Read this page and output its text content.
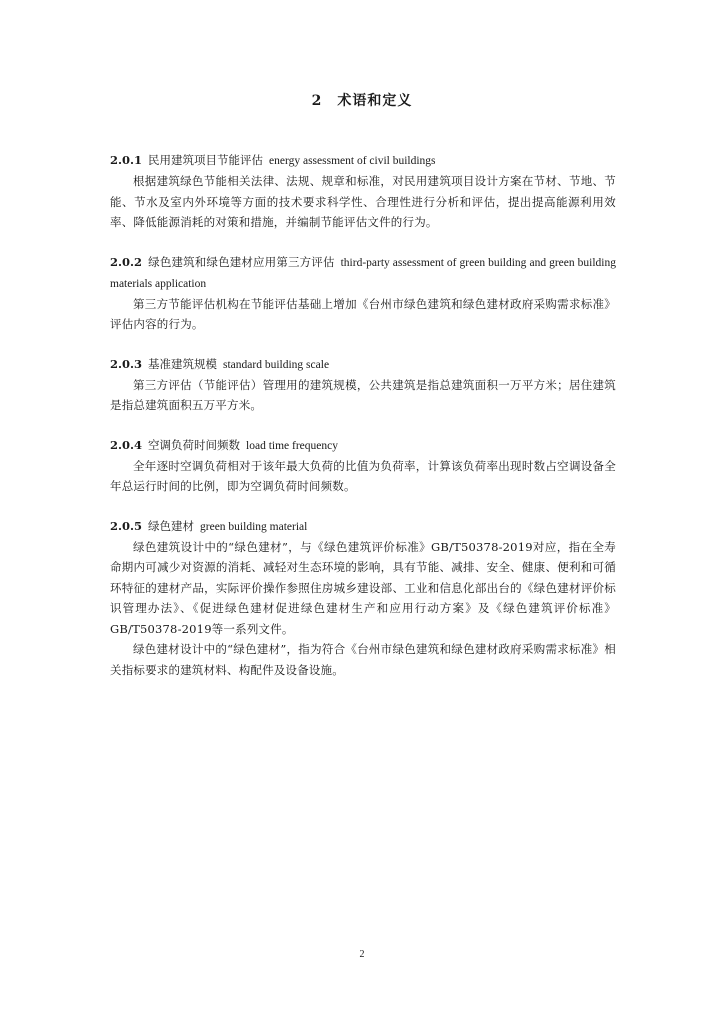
2　术语和定义

2.0.1 民用建筑项目节能评估 energy assessment of civil buildings

根据建筑绿色节能相关法律、法规、规章和标准，对民用建筑项目设计方案在节材、节地、节能、节水及室内外环境等方面的技术要求科学性、合理性进行分析和评估，提出提高能源利用效率、降低能源消耗的对策和措施，并编制节能评估文件的行为。

2.0.2 绿色建筑和绿色建材应用第三方评估 third-party assessment of green building and green building materials application

第三方节能评估机构在节能评估基础上增加《台州市绿色建筑和绿色建材政府采购需求标准》评估内容的行为。

2.0.3 基准建筑规模 standard building scale

第三方评估（节能评估）管理用的建筑规模，公共建筑是指总建筑面积一万平方米；居住建筑是指总建筑面积五万平方米。

2.0.4 空调负荷时间频数 load time frequency

全年逐时空调负荷相对于该年最大负荷的比值为负荷率，计算该负荷率出现时数占空调设备全年总运行时间的比例，即为空调负荷时间频数。

2.0.5 绿色建材 green building material

绿色建筑设计中的“绿色建材”，与《绿色建筑评价标准》GB/T50378-2019对应，指在全寿命期内可减少对资源的消耗、减轻对生态环境的影响，具有节能、减排、安全、健康、便利和可循环特征的建材产品，实际评价操作参照住房城乡建设部、工业和信息化部出台的《绿色建材评价标识管理办法》、《促进绿色建材促进绿色建材生产和应用行动方案》及《绿色建筑评价标准》GB/T50378-2019等一系列文件。

绿色建材设计中的“绿色建材”，指为符合《台州市绿色建筑和绿色建材政府采购需求标准》相关指标要求的建筑材料、构配件及设备设施。

2
